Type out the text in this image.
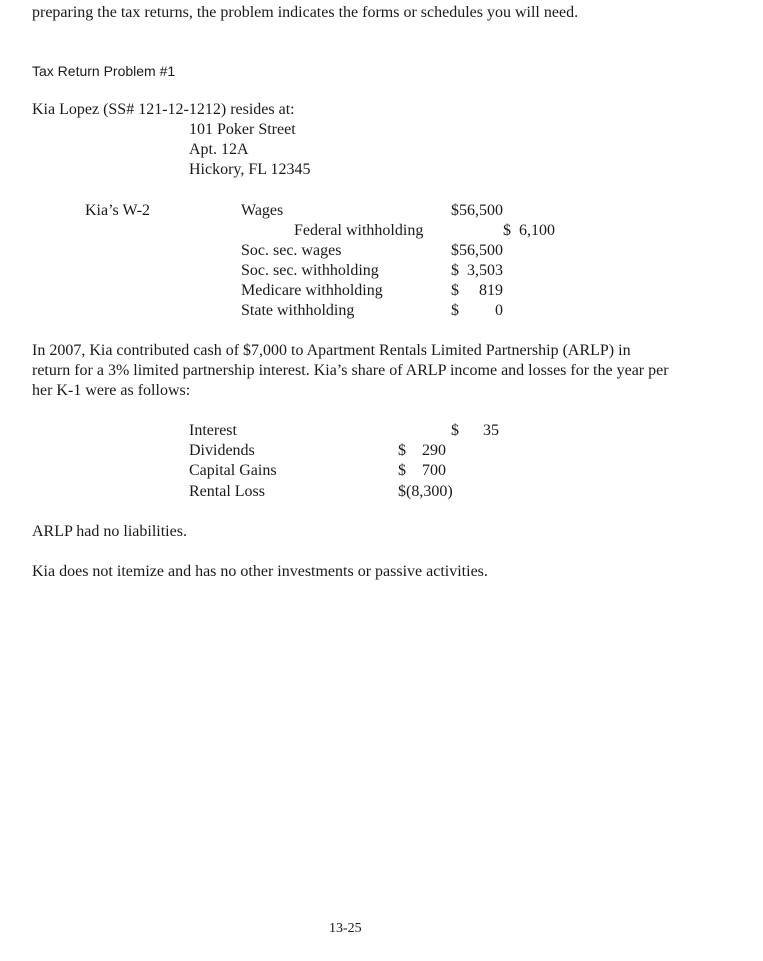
preparing the tax returns, the problem indicates the forms or schedules you will need.
Tax Return Problem #1
Kia Lopez (SS# 121-12-1212) resides at:
101 Poker Street
Apt. 12A
Hickory, FL 12345
Kia’s W-2	Wages	$56,500
Federal withholding	$  6,100
Soc. sec. wages	$56,500
Soc. sec. withholding	$  3,503
Medicare withholding	$     819
State withholding	$         0
In 2007, Kia contributed cash of $7,000 to Apartment Rentals Limited Partnership (ARLP) in return for a 3% limited partnership interest. Kia’s share of ARLP income and losses for the year per her K-1 were as follows:
Interest	$      35
Dividends	$    290
Capital Gains	$    700
Rental Loss	$(8,300)
ARLP had no liabilities.
Kia does not itemize and has no other investments or passive activities.
13-25
